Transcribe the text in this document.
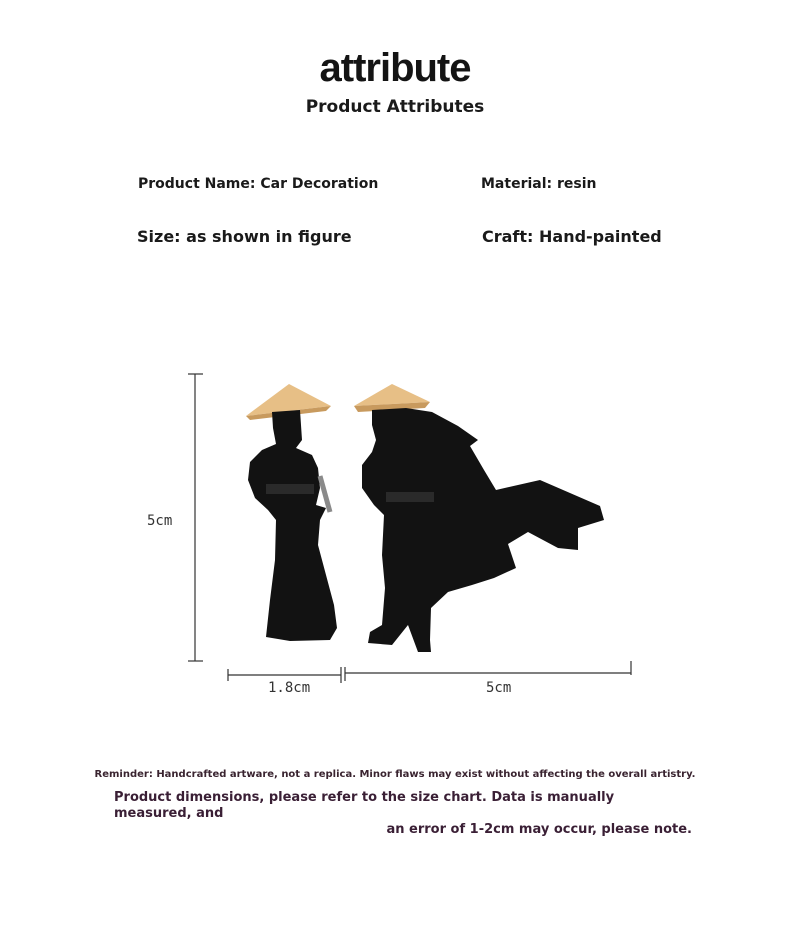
attribute
Product Attributes
Product Name: Car Decoration	Material: resin
Size: as shown in figure	Craft: Hand-painted
5cm
1.8cm	5cm
Reminder: Handcrafted artware, not a replica. Minor flaws may exist without affecting the overall artistry.
Product dimensions, please refer to the size chart. Data is manually measured, and
an error of 1-2cm may occur, please note.
